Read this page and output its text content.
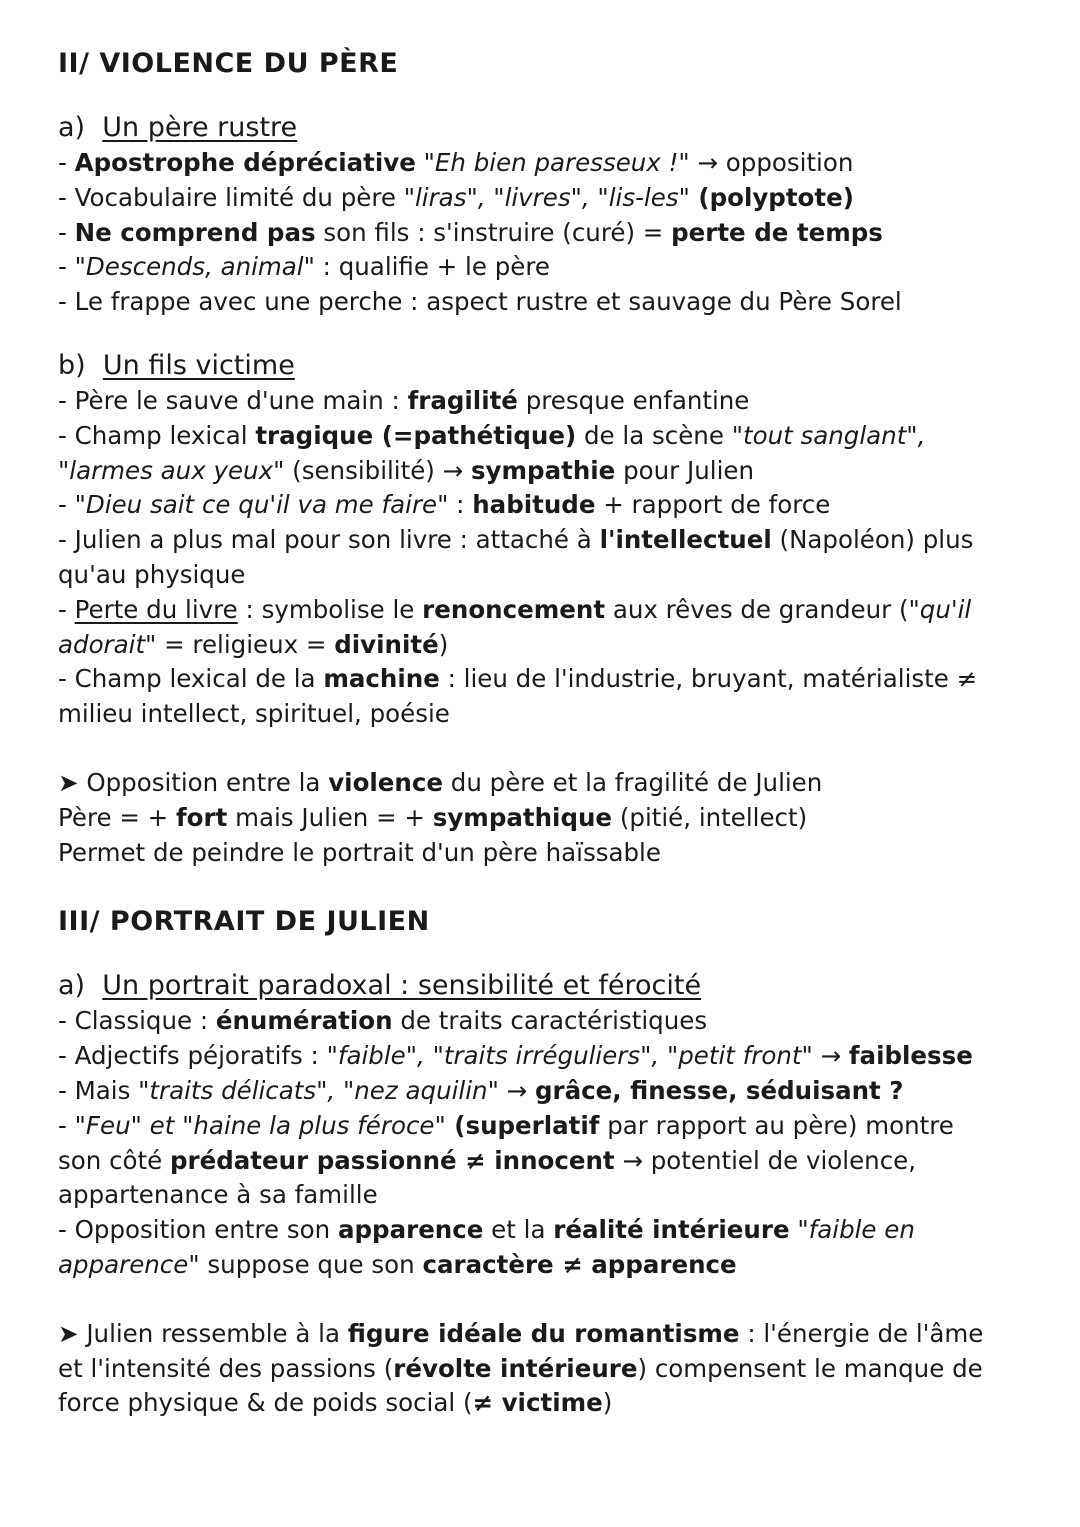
II/ VIOLENCE DU PÈRE

a) Un père rustre

- Apostrophe dépréciative "Eh bien paresseux !" → opposition

- Vocabulaire limité du père "liras", "livres", "lis-les" (polyptote)

- Ne comprend pas son fils : s'instruire (curé) = perte de temps

- "Descends, animal" : qualifie + le père

- Le frappe avec une perche : aspect rustre et sauvage du Père Sorel

b) Un fils victime

- Père le sauve d'une main : fragilité presque enfantine

- Champ lexical tragique (=pathétique) de la scène "tout sanglant",

"larmes aux yeux" (sensibilité) → sympathie pour Julien

- "Dieu sait ce qu'il va me faire" : habitude + rapport de force

- Julien a plus mal pour son livre : attaché à l'intellectuel (Napoléon) plus

qu'au physique

- Perte du livre : symbolise le renoncement aux rêves de grandeur ("qu'il

adorait" = religieux = divinité)

- Champ lexical de la machine : lieu de l'industrie, bruyant, matérialiste ≠

milieu intellect, spirituel, poésie

➤ Opposition entre la violence du père et la fragilité de Julien

Père = + fort mais Julien = + sympathique (pitié, intellect)

Permet de peindre le portrait d'un père haïssable

III/ PORTRAIT DE JULIEN

a) Un portrait paradoxal : sensibilité et férocité

- Classique : énumération de traits caractéristiques

- Adjectifs péjoratifs : "faible", "traits irréguliers", "petit front" → faiblesse

- Mais "traits délicats", "nez aquilin" → grâce, finesse, séduisant ?

- "Feu" et "haine la plus féroce" (superlatif par rapport au père) montre

son côté prédateur passionné ≠ innocent → potentiel de violence,

appartenance à sa famille

- Opposition entre son apparence et la réalité intérieure "faible en

apparence" suppose que son caractère ≠ apparence

➤ Julien ressemble à la figure idéale du romantisme : l'énergie de l'âme

et l'intensité des passions (révolte intérieure) compensent le manque de

force physique & de poids social (≠ victime)
